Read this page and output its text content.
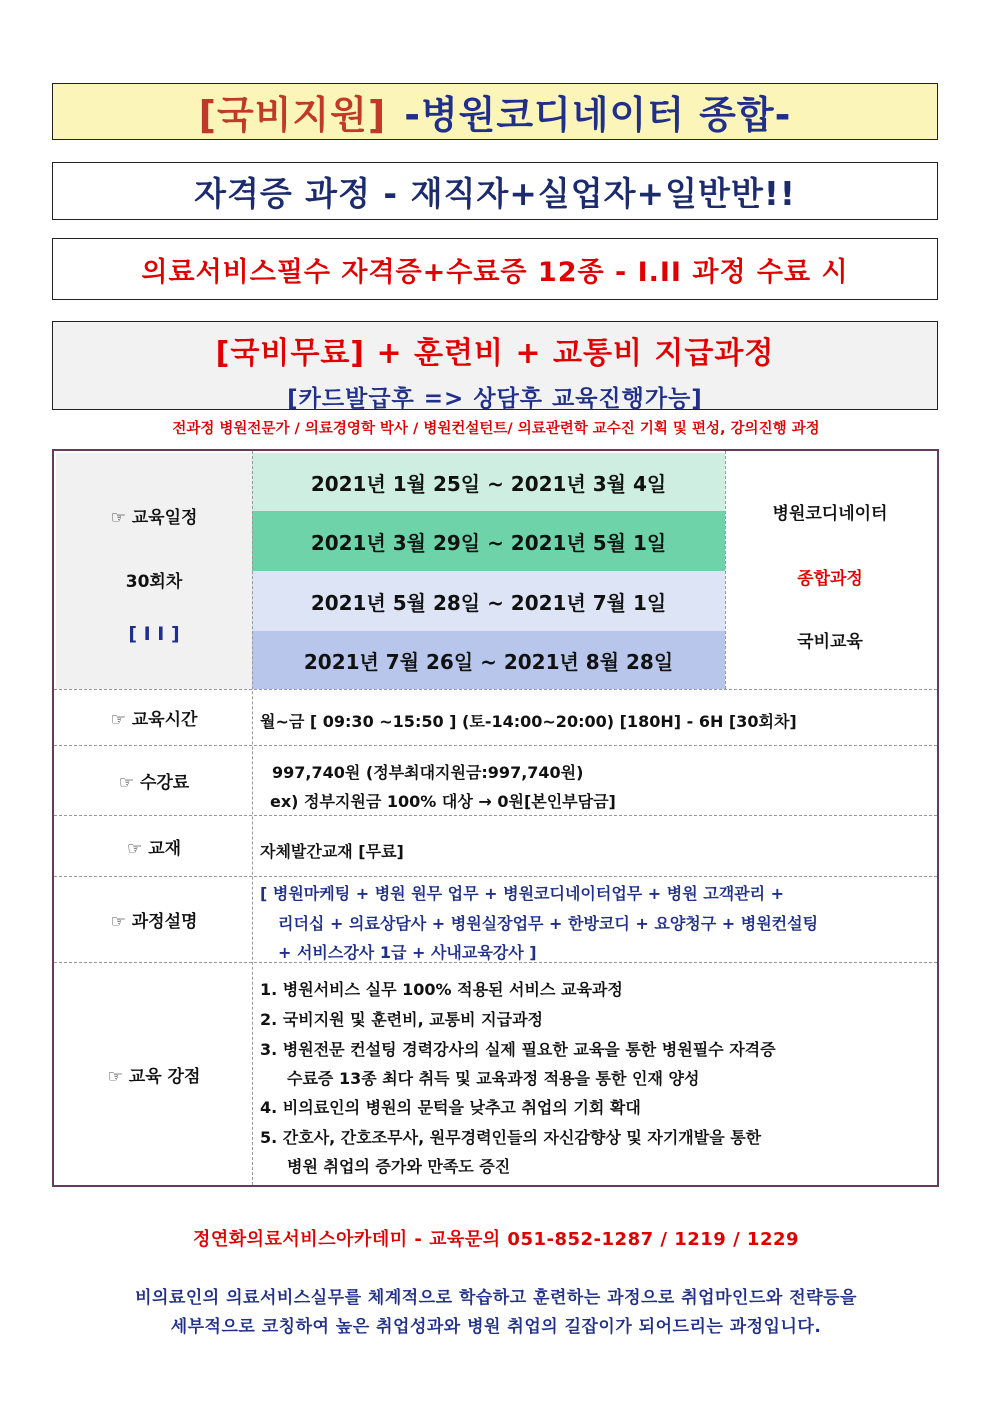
[국비지원] -병원코디네이터 종합-
자격증 과정 - 재직자+실업자+일반반!!
의료서비스필수 자격증+수료증 12종 - I.II 과정 수료 시
[국비무료] + 훈련비 + 교통비 지급과정
[카드발급후 => 상담후 교육진행가능]
전과정 병원전문가 / 의료경영학 박사 / 병원컨설턴트/ 의료관련학 교수진 기획 및 편성, 강의진행 과정
☞ 교육일정
30회차
[ I I ]
2021년 1월 25일 ~ 2021년 3월 4일
2021년 3월 29일 ~ 2021년 5월 1일
2021년 5월 28일 ~ 2021년 7월 1일
2021년 7월 26일 ~ 2021년 8월 28일
병원코디네이터
종합과정
국비교육
☞ 교육시간	월~금 [ 09:30 ~15:50 ] (토-14:00~20:00) [180H] - 6H [30회차]
☞ 수강료
997,740원 (정부최대지원금:997,740원)
ex) 정부지원금 100% 대상 → 0원[본인부담금]
☞ 교재	자체발간교재 [무료]
☞ 과정설명
[ 병원마케팅 + 병원 원무 업무 + 병원코디네이터업무 + 병원 고객관리 +
리더십 + 의료상담사 + 병원실장업무 + 한방코디 + 요양청구 + 병원컨설팅
+ 서비스강사 1급 + 사내교육강사 ]
☞ 교육 강점
1. 병원서비스 실무 100% 적용된 서비스 교육과정
2. 국비지원 및 훈련비, 교통비 지급과정
3. 병원전문 컨설팅 경력강사의 실제 필요한 교육을 통한 병원필수 자격증
수료증 13종 최다 취득 및 교육과정 적용을 통한 인재 양성
4. 비의료인의 병원의 문턱을 낮추고 취업의 기회 확대
5. 간호사, 간호조무사, 원무경력인들의 자신감향상 및 자기개발을 통한
병원 취업의 증가와 만족도 증진
정연화의료서비스아카데미 - 교육문의 051-852-1287 / 1219 / 1229
비의료인의 의료서비스실무를 체계적으로 학습하고 훈련하는 과정으로 취업마인드와 전략등을
세부적으로 코칭하여 높은 취업성과와 병원 취업의 길잡이가 되어드리는 과정입니다.
